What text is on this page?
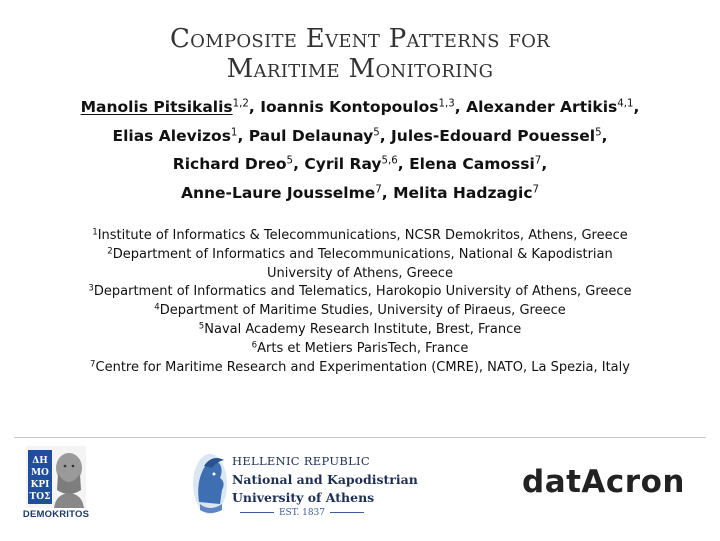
Composite Event Patterns for
Maritime Monitoring
Manolis Pitsikalis$^{1,2}$, Ioannis Kontopoulos$^{1,3}$, Alexander Artikis$^{4,1}$,
Elias Alevizos$^1$, Paul Delaunay$^5$, Jules-Edouard Pouessel$^5$,
Richard Dreo$^5$, Cyril Ray$^{5,6}$, Elena Camossi$^7$,
Anne-Laure Jousselme$^7$, Melita Hadzagic$^7$
$^1$Institute of Informatics & Telecommunications, NCSR Demokritos, Athens, Greece
$^2$Department of Informatics and Telecommunications, National & Kapodistrian
University of Athens, Greece
$^3$Department of Informatics and Telematics, Harokopio University of Athens, Greece
$^4$Department of Maritime Studies, University of Piraeus, Greece
$^5$Naval Academy Research Institute, Brest, France
$^6$Arts et Metiers ParisTech, France
$^7$Centre for Maritime Research and Experimentation (CMRE), NATO, La Spezia, Italy
ΔΗ
ΜΟ
ΚΡΙ
ΤΟΣ
DEMOKRITOS
HELLENIC REPUBLIC
National and Kapodistrian
University of Athens
EST. 1837
datAcron
